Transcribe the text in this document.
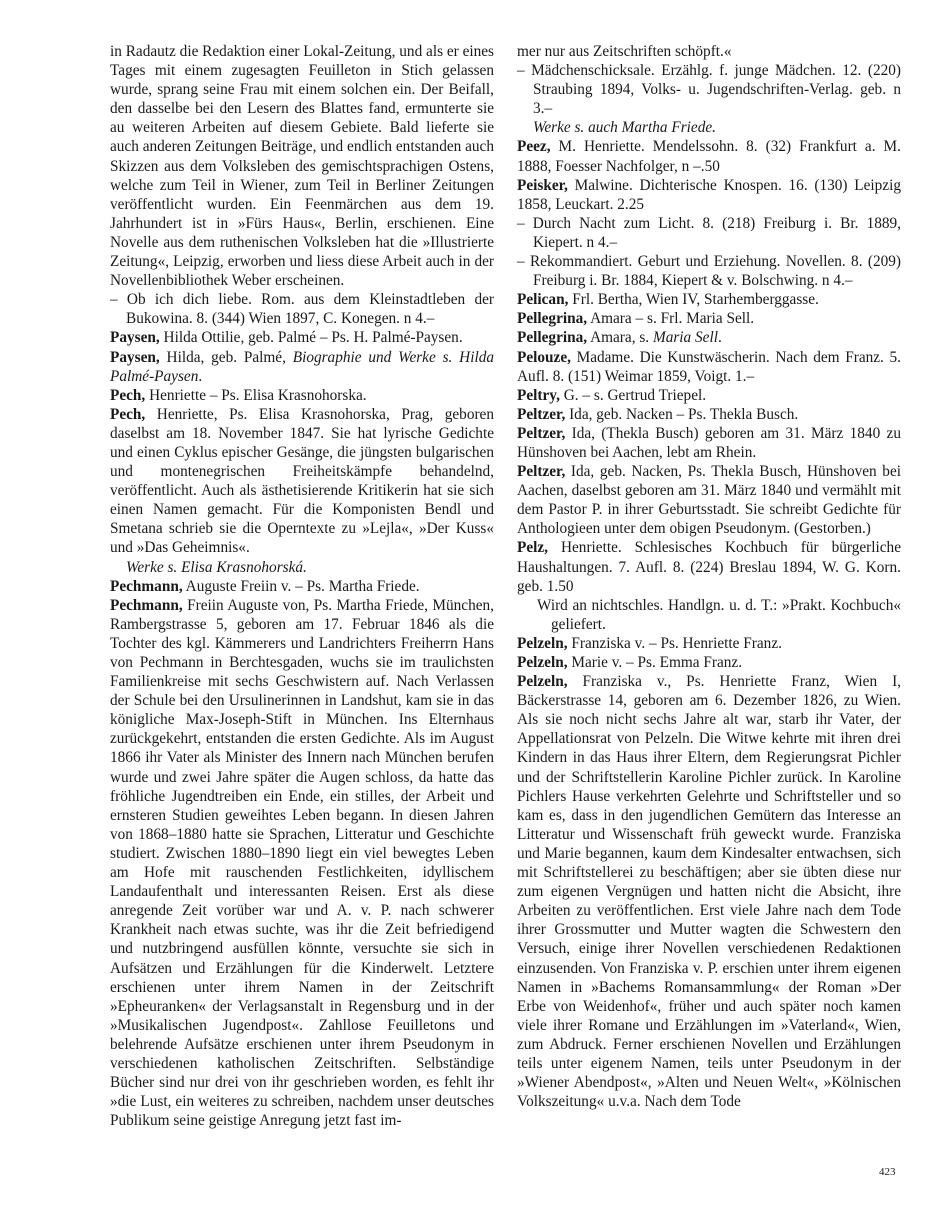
in Radautz die Redaktion einer Lokal-Zeitung, und als er eines Tages mit einem zugesagten Feuilleton in Stich gelassen wurde, sprang seine Frau mit einem solchen ein. Der Beifall, den dasselbe bei den Lesern des Blattes fand, ermunterte sie au weiteren Arbeiten auf diesem Gebiete. Bald lieferte sie auch anderen Zeitungen Beiträge, und endlich entstanden auch Skizzen aus dem Volksleben des gemischtsprachigen Ostens, welche zum Teil in Wiener, zum Teil in Berliner Zeitungen veröffentlicht wurden. Ein Feenmärchen aus dem 19. Jahrhundert ist in »Fürs Haus«, Berlin, erschienen. Eine Novelle aus dem ruthenischen Volksleben hat die »Illustrierte Zeitung«, Leipzig, erworben und liess diese Arbeit auch in der Novellenbibliothek Weber erscheinen.

– Ob ich dich liebe. Rom. aus dem Kleinstadtleben der Bukowina. 8. (344) Wien 1897, C. Konegen. n 4.–

Paysen, Hilda Ottilie, geb. Palmé – Ps. H. Palmé-Paysen.

Paysen, Hilda, geb. Palmé, Biographie und Werke s. Hilda Palmé-Paysen.

Pech, Henriette – Ps. Elisa Krasnohorska.

Pech, Henriette, Ps. Elisa Krasnohorska, Prag, geboren daselbst am 18. November 1847. Sie hat lyrische Gedichte und einen Cyklus epischer Gesänge, die jüngsten bulgarischen und montenegrischen Freiheitskämpfe behandelnd, veröffentlicht. Auch als ästhetisierende Kritikerin hat sie sich einen Namen gemacht. Für die Komponisten Bendl und Smetana schrieb sie die Operntexte zu »Lejla«, »Der Kuss« und »Das Geheimnis«.

Werke s. Elisa Krasnohorská.

Pechmann, Auguste Freiin v. – Ps. Martha Friede.

Pechmann, Freiin Auguste von, Ps. Martha Friede, München, Rambergstrasse 5, geboren am 17. Februar 1846 als die Tochter des kgl. Kämmerers und Landrichters Freiherrn Hans von Pechmann in Berchtesgaden, wuchs sie im traulichsten Familienkreise mit sechs Geschwistern auf. Nach Verlassen der Schule bei den Ursulinerinnen in Landshut, kam sie in das königliche Max-Joseph-Stift in München. Ins Elternhaus zurückgekehrt, entstanden die ersten Gedichte. Als im August 1866 ihr Vater als Minister des Innern nach München berufen wurde und zwei Jahre später die Augen schloss, da hatte das fröhliche Jugendtreiben ein Ende, ein stilles, der Arbeit und ernsteren Studien geweihtes Leben begann. In diesen Jahren von 1868–1880 hatte sie Sprachen, Litteratur und Geschichte studiert. Zwischen 1880–1890 liegt ein viel bewegtes Leben am Hofe mit rauschenden Festlichkeiten, idyllischem Landaufenthalt und interessanten Reisen. Erst als diese anregende Zeit vorüber war und A. v. P. nach schwerer Krankheit nach etwas suchte, was ihr die Zeit befriedigend und nutzbringend ausfüllen könnte, versuchte sie sich in Aufsätzen und Erzählungen für die Kinderwelt. Letztere erschienen unter ihrem Namen in der Zeitschrift »Epheuranken« der Verlagsanstalt in Regensburg und in der »Musikalischen Jugendpost«. Zahllose Feuilletons und belehrende Aufsätze erschienen unter ihrem Pseudonym in verschiedenen katholischen Zeitschriften. Selbständige Bücher sind nur drei von ihr geschrieben worden, es fehlt ihr »die Lust, ein weiteres zu schreiben, nachdem unser deutsches Publikum seine geistige Anregung jetzt fast im-

mer nur aus Zeitschriften schöpft.«

– Mädchenschicksale. Erzählg. f. junge Mädchen. 12. (220) Straubing 1894, Volks- u. Jugendschriften-Verlag. geb. n 3.–

Werke s. auch Martha Friede.

Peez, M. Henriette. Mendelssohn. 8. (32) Frankfurt a. M. 1888, Foesser Nachfolger, n –.50

Peisker, Malwine. Dichterische Knospen. 16. (130) Leipzig 1858, Leuckart. 2.25

– Durch Nacht zum Licht. 8. (218) Freiburg i. Br. 1889, Kiepert. n 4.–

– Rekommandiert. Geburt und Erziehung. Novellen. 8. (209) Freiburg i. Br. 1884, Kiepert & v. Bolschwing. n 4.–

Pelican, Frl. Bertha, Wien IV, Starhemberggasse.

Pellegrina, Amara – s. Frl. Maria Sell.

Pellegrina, Amara, s. Maria Sell.

Pelouze, Madame. Die Kunstwäscherin. Nach dem Franz. 5. Aufl. 8. (151) Weimar 1859, Voigt. 1.–

Peltry, G. – s. Gertrud Triepel.

Peltzer, Ida, geb. Nacken – Ps. Thekla Busch.

Peltzer, Ida, (Thekla Busch) geboren am 31. März 1840 zu Hünshoven bei Aachen, lebt am Rhein.

Peltzer, Ida, geb. Nacken, Ps. Thekla Busch, Hünshoven bei Aachen, daselbst geboren am 31. März 1840 und vermählt mit dem Pastor P. in ihrer Geburtsstadt. Sie schreibt Gedichte für Anthologieen unter dem obigen Pseudonym. (Gestorben.)

Pelz, Henriette. Schlesisches Kochbuch für bürgerliche Haushaltungen. 7. Aufl. 8. (224) Breslau 1894, W. G. Korn. geb. 1.50

Wird an nichtschles. Handlgn. u. d. T.: »Prakt. Kochbuch« geliefert.

Pelzeln, Franziska v. – Ps. Henriette Franz.

Pelzeln, Marie v. – Ps. Emma Franz.

Pelzeln, Franziska v., Ps. Henriette Franz, Wien I, Bäckerstrasse 14, geboren am 6. Dezember 1826, zu Wien. Als sie noch nicht sechs Jahre alt war, starb ihr Vater, der Appellationsrat von Pelzeln. Die Witwe kehrte mit ihren drei Kindern in das Haus ihrer Eltern, dem Regierungsrat Pichler und der Schriftstellerin Karoline Pichler zurück. In Karoline Pichlers Hause verkehrten Gelehrte und Schriftsteller und so kam es, dass in den jugendlichen Gemütern das Interesse an Litteratur und Wissenschaft früh geweckt wurde. Franziska und Marie begannen, kaum dem Kindesalter entwachsen, sich mit Schriftstellerei zu beschäftigen; aber sie übten diese nur zum eigenen Vergnügen und hatten nicht die Absicht, ihre Arbeiten zu veröffentlichen. Erst viele Jahre nach dem Tode ihrer Grossmutter und Mutter wagten die Schwestern den Versuch, einige ihrer Novellen verschiedenen Redaktionen einzusenden. Von Franziska v. P. erschien unter ihrem eigenen Namen in »Bachems Romansammlung« der Roman »Der Erbe von Weidenhof«, früher und auch später noch kamen viele ihrer Romane und Erzählungen im »Vaterland«, Wien, zum Abdruck. Ferner erschienen Novellen und Erzählungen teils unter eigenem Namen, teils unter Pseudonym in der »Wiener Abendpost«, »Alten und Neuen Welt«, »Kölnischen Volkszeitung« u.v.a. Nach dem Tode

423
